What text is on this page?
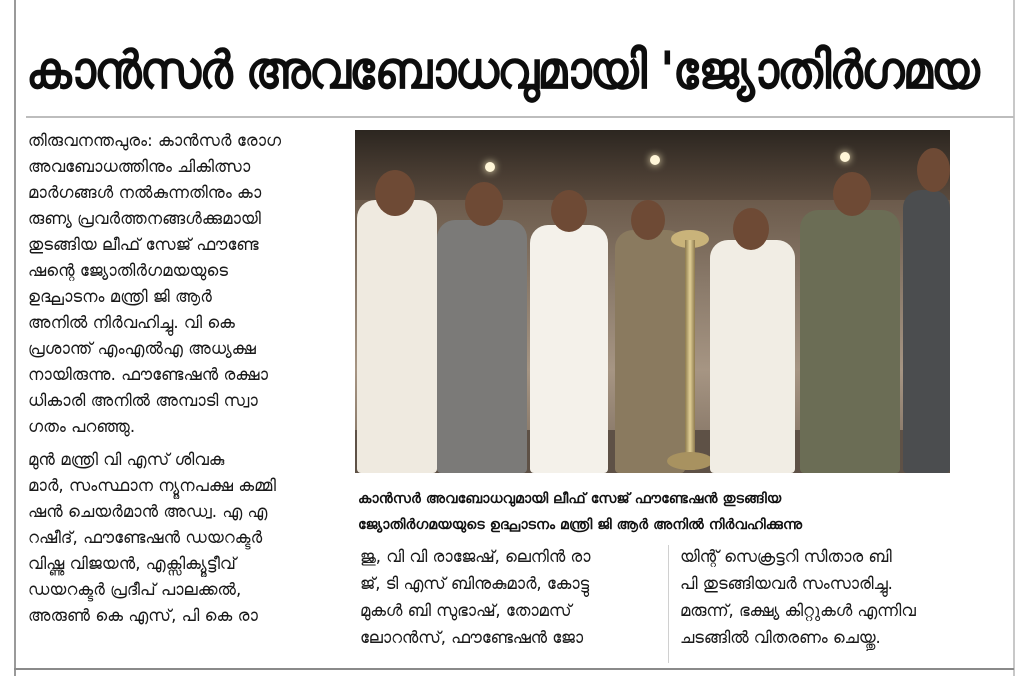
കാൻസർ അവബോധവുമായി 'ജ്യോതിർഗമയ
തിരുവനന്തപുരം: കാൻസർ രോഗ
അവബോധത്തിനും ചികിത്സാ
മാർഗങ്ങൾ നൽകുന്നതിനും കാ
രുണ്യ പ്രവർത്തനങ്ങൾക്കുമായി
തുടങ്ങിയ ലീഫ് സേജ് ഫൗണ്ടേ
ഷന്റെ ജ്യോതിർഗമയയുടെ
ഉദ്ഘാടനം മന്ത്രി ജി ആർ
അനിൽ നിർവഹിച്ചു. വി കെ
പ്രശാന്ത് എംഎൽഎ അധ്യക്ഷ
നായിരുന്നു. ഫൗണ്ടേഷൻ രക്ഷാ
ധികാരി അനിൽ അമ്പാടി സ്വാ
ഗതം പറഞ്ഞു.
മുൻ മന്ത്രി വി എസ് ശിവകു
മാർ, സംസ്ഥാന ന്യൂനപക്ഷ കമ്മി
ഷൻ ചെയർമാൻ അഡ്വ. എ എ
റഷീദ്, ഫൗണ്ടേഷൻ ഡയറക്ടർ
വിഷ്ണു വിജയൻ, എക്സിക്യൂട്ടീവ്
ഡയറക്ടർ പ്രദീപ് പാലക്കൽ,
അരുൺ കെ എസ്, പി കെ രാ
കാൻസർ അവബോധവുമായി ലീഫ് സേജ് ഫൗണ്ടേഷൻ തുടങ്ങിയ
ജ്യോതിർഗമയയുടെ ഉദ്ഘാടനം മന്ത്രി ജി ആർ അനിൽ നിർവഹിക്കുന്നു
ജു, വി വി രാജേഷ്, ലെനിൻ രാ
ജ്, ടി എസ് ബിനുകുമാർ, കോട്ടു
മുകൾ ബി സുഭാഷ്, തോമസ്
ലോറൻസ്, ഫൗണ്ടേഷൻ ജോ
യിന്റ് സെക്രട്ടറി സിതാര ബി
പി തുടങ്ങിയവർ സംസാരിച്ചു.
മരുന്ന്, ഭക്ഷ്യ കിറ്റുകൾ എന്നിവ
ചടങ്ങിൽ വിതരണം ചെയ്തു.
